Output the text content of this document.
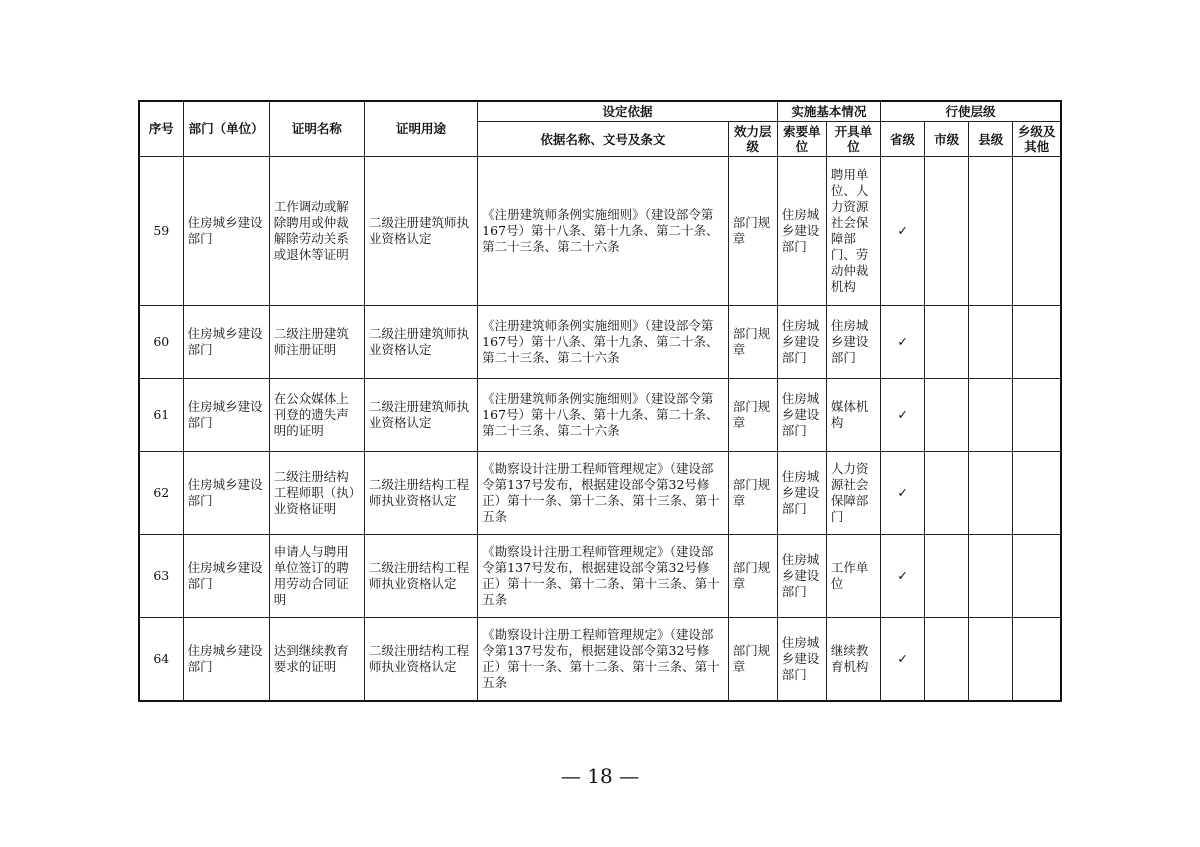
序号	部门（单位）	证明名称	证明用途	设定依据		实施基本情况		行使层级			
				依据名称、文号及条文	效力层级	索要单位	开具单位	省级	市级	县级	乡级及其他
59	住房城乡建设部门	工作调动或解除聘用或仲裁解除劳动关系或退休等证明	二级注册建筑师执业资格认定	《注册建筑师条例实施细则》（建设部令第167号）第十八条、第十九条、第二十条、第二十三条、第二十六条	部门规章	住房城乡建设部门	聘用单位、人力资源社会保障部门、劳动仲裁机构	✓			
60	住房城乡建设部门	二级注册建筑师注册证明	二级注册建筑师执业资格认定	《注册建筑师条例实施细则》（建设部令第167号）第十八条、第十九条、第二十条、第二十三条、第二十六条	部门规章	住房城乡建设部门	住房城乡建设部门	✓			
61	住房城乡建设部门	在公众媒体上刊登的遗失声明的证明	二级注册建筑师执业资格认定	《注册建筑师条例实施细则》（建设部令第167号）第十八条、第十九条、第二十条、第二十三条、第二十六条	部门规章	住房城乡建设部门	媒体机构	✓			
62	住房城乡建设部门	二级注册结构工程师职（执）业资格证明	二级注册结构工程师执业资格认定	《勘察设计注册工程师管理规定》（建设部令第137号发布，根据建设部令第32号修正）第十一条、第十二条、第十三条、第十五条	部门规章	住房城乡建设部门	人力资源社会保障部门	✓			
63	住房城乡建设部门	申请人与聘用单位签订的聘用劳动合同证明	二级注册结构工程师执业资格认定	《勘察设计注册工程师管理规定》（建设部令第137号发布，根据建设部令第32号修正）第十一条、第十二条、第十三条、第十五条	部门规章	住房城乡建设部门	工作单位	✓			
64	住房城乡建设部门	达到继续教育要求的证明	二级注册结构工程师执业资格认定	《勘察设计注册工程师管理规定》（建设部令第137号发布，根据建设部令第32号修正）第十一条、第十二条、第十三条、第十五条	部门规章	住房城乡建设部门	继续教育机构	✓			
— 18 —
